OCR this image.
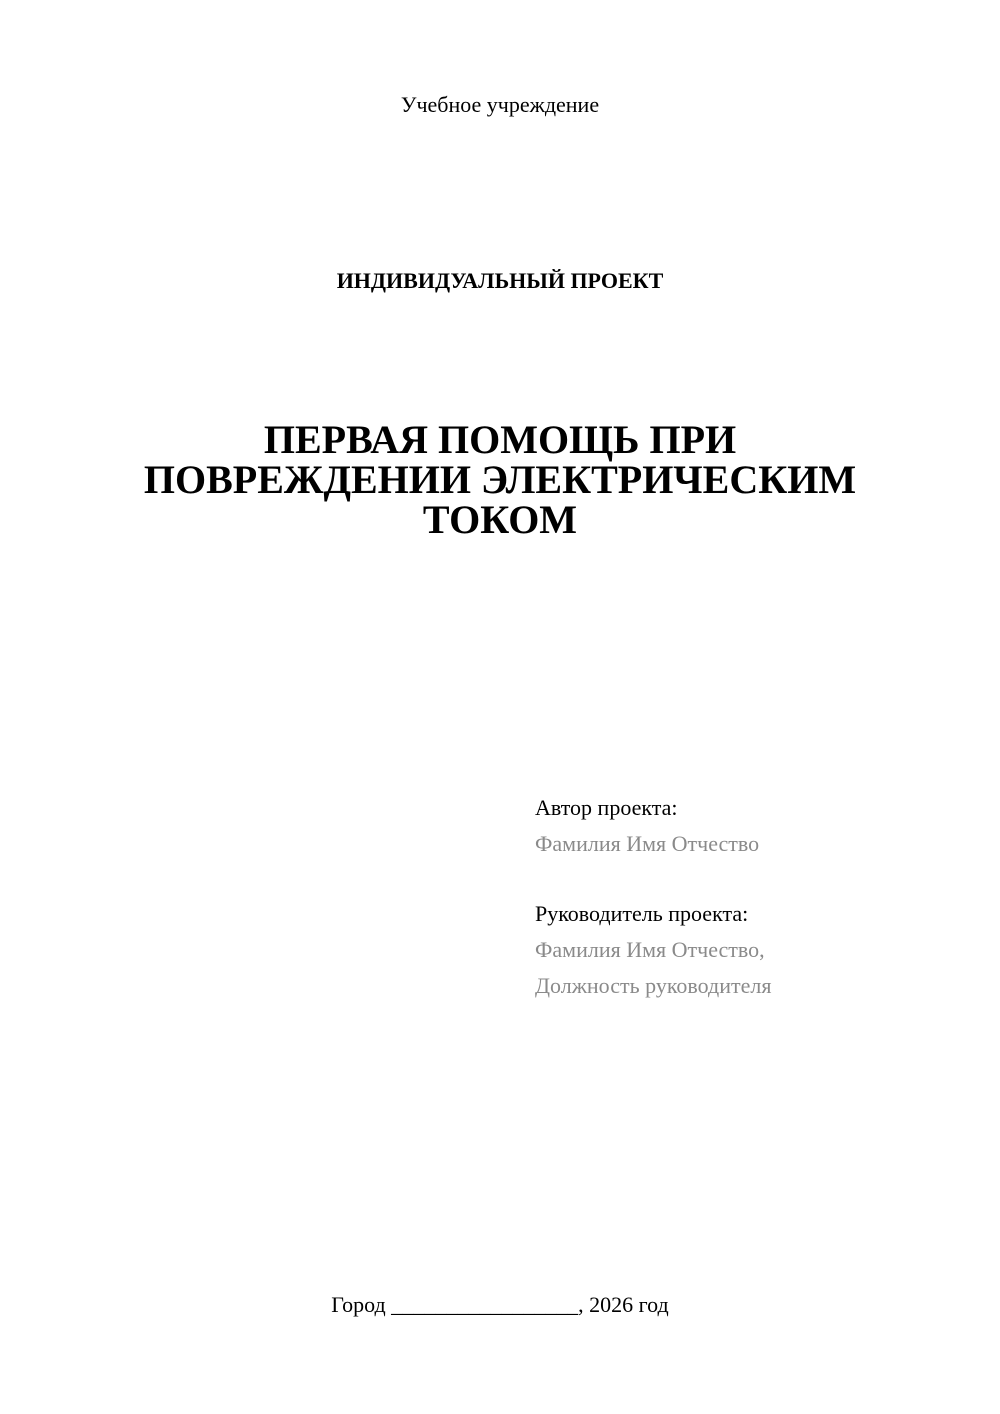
Учебное учреждение
ИНДИВИДУАЛЬНЫЙ ПРОЕКТ
ПЕРВАЯ ПОМОЩЬ ПРИ
ПОВРЕЖДЕНИИ ЭЛЕКТРИЧЕСКИМ
ТОКОМ
Автор проекта:
Фамилия Имя Отчество
Руководитель проекта:
Фамилия Имя Отчество,
Должность руководителя
Город _________________, 2026 год
